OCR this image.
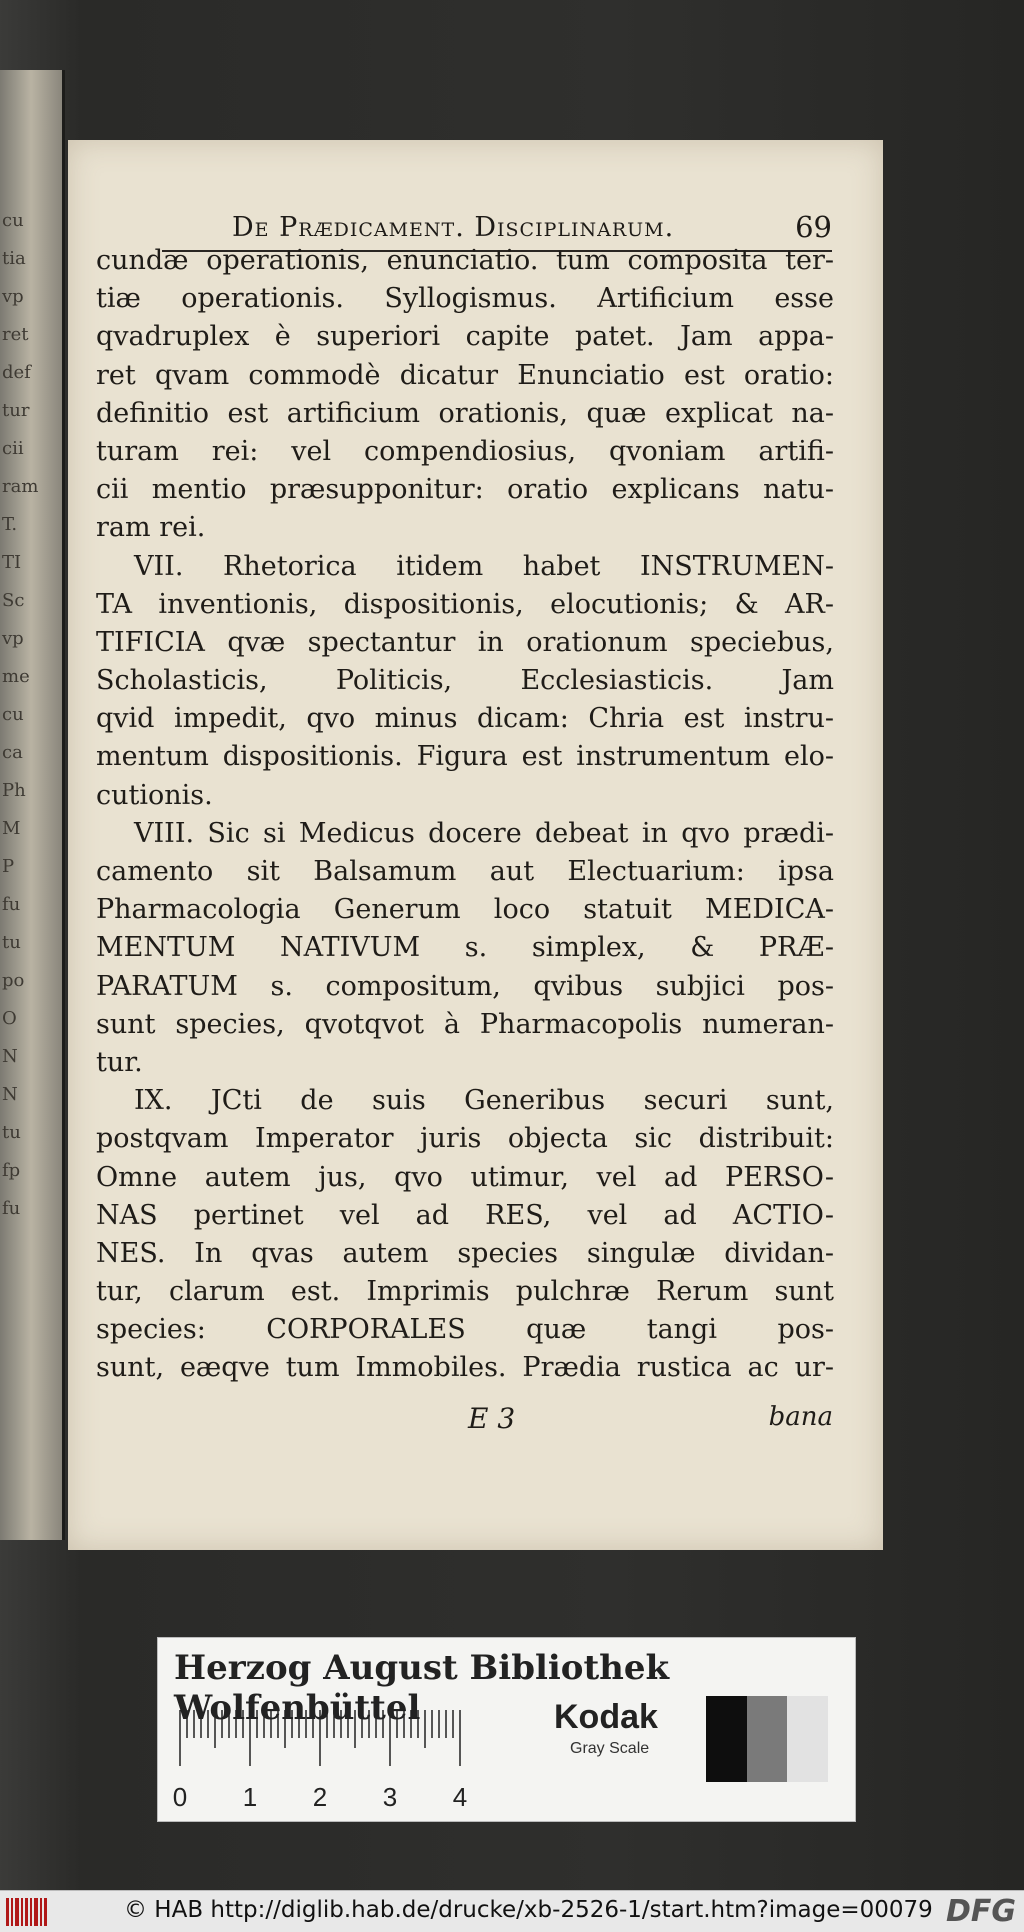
cu
tia
vp
ret
def
tur
cii
ram
T.
TI
Sc
vp
me
cu
ca
Ph
M
P
fu
tu
po
O
N
N
tu
fp
fu
De Prædicament. Disciplinarum.	69
cundæ operationis, enunciatio. tum composita ter-
tiæ operationis. Syllogismus. Artificium esse
qvadruplex è superiori capite patet. Jam appa-
ret qvam commodè dicatur Enunciatio est oratio:
definitio est artificium orationis, quæ explicat na-
turam rei: vel compendiosius, qvoniam artifi-
cii mentio præsupponitur: oratio explicans natu-
ram rei.
VII. Rhetorica itidem habet INSTRUMEN-
TA inventionis, dispositionis, elocutionis; & AR-
TIFICIA qvæ spectantur in orationum speciebus,
Scholasticis, Politicis, Ecclesiasticis. Jam
qvid impedit, qvo minus dicam: Chria est instru-
mentum dispositionis. Figura est instrumentum elo-
cutionis.
VIII. Sic si Medicus docere debeat in qvo prædi-
camento sit Balsamum aut Electuarium: ipsa
Pharmacologia Generum loco statuit MEDICA-
MENTUM NATIVUM s. simplex, & PRÆ-
PARATUM s. compositum, qvibus subjici pos-
sunt species, qvotqvot à Pharmacopolis numeran-
tur.
IX. JCti de suis Generibus securi sunt,
postqvam Imperator juris objecta sic distribuit:
Omne autem jus, qvo utimur, vel ad PERSO-
NAS pertinet vel ad RES, vel ad ACTIO-
NES. In qvas autem species singulæ dividan-
tur, clarum est. Imprimis pulchræ Rerum sunt
species: CORPORALES quæ tangi pos-
sunt, eæqve tum Immobiles. Prædia rustica ac ur-
E 3	bana
Herzog August Bibliothek Wolfenbüttel
0 1 2 3 4
Kodak
Gray Scale
© HAB http://diglib.hab.de/drucke/xb-2526-1/start.htm?image=00079 DFG
